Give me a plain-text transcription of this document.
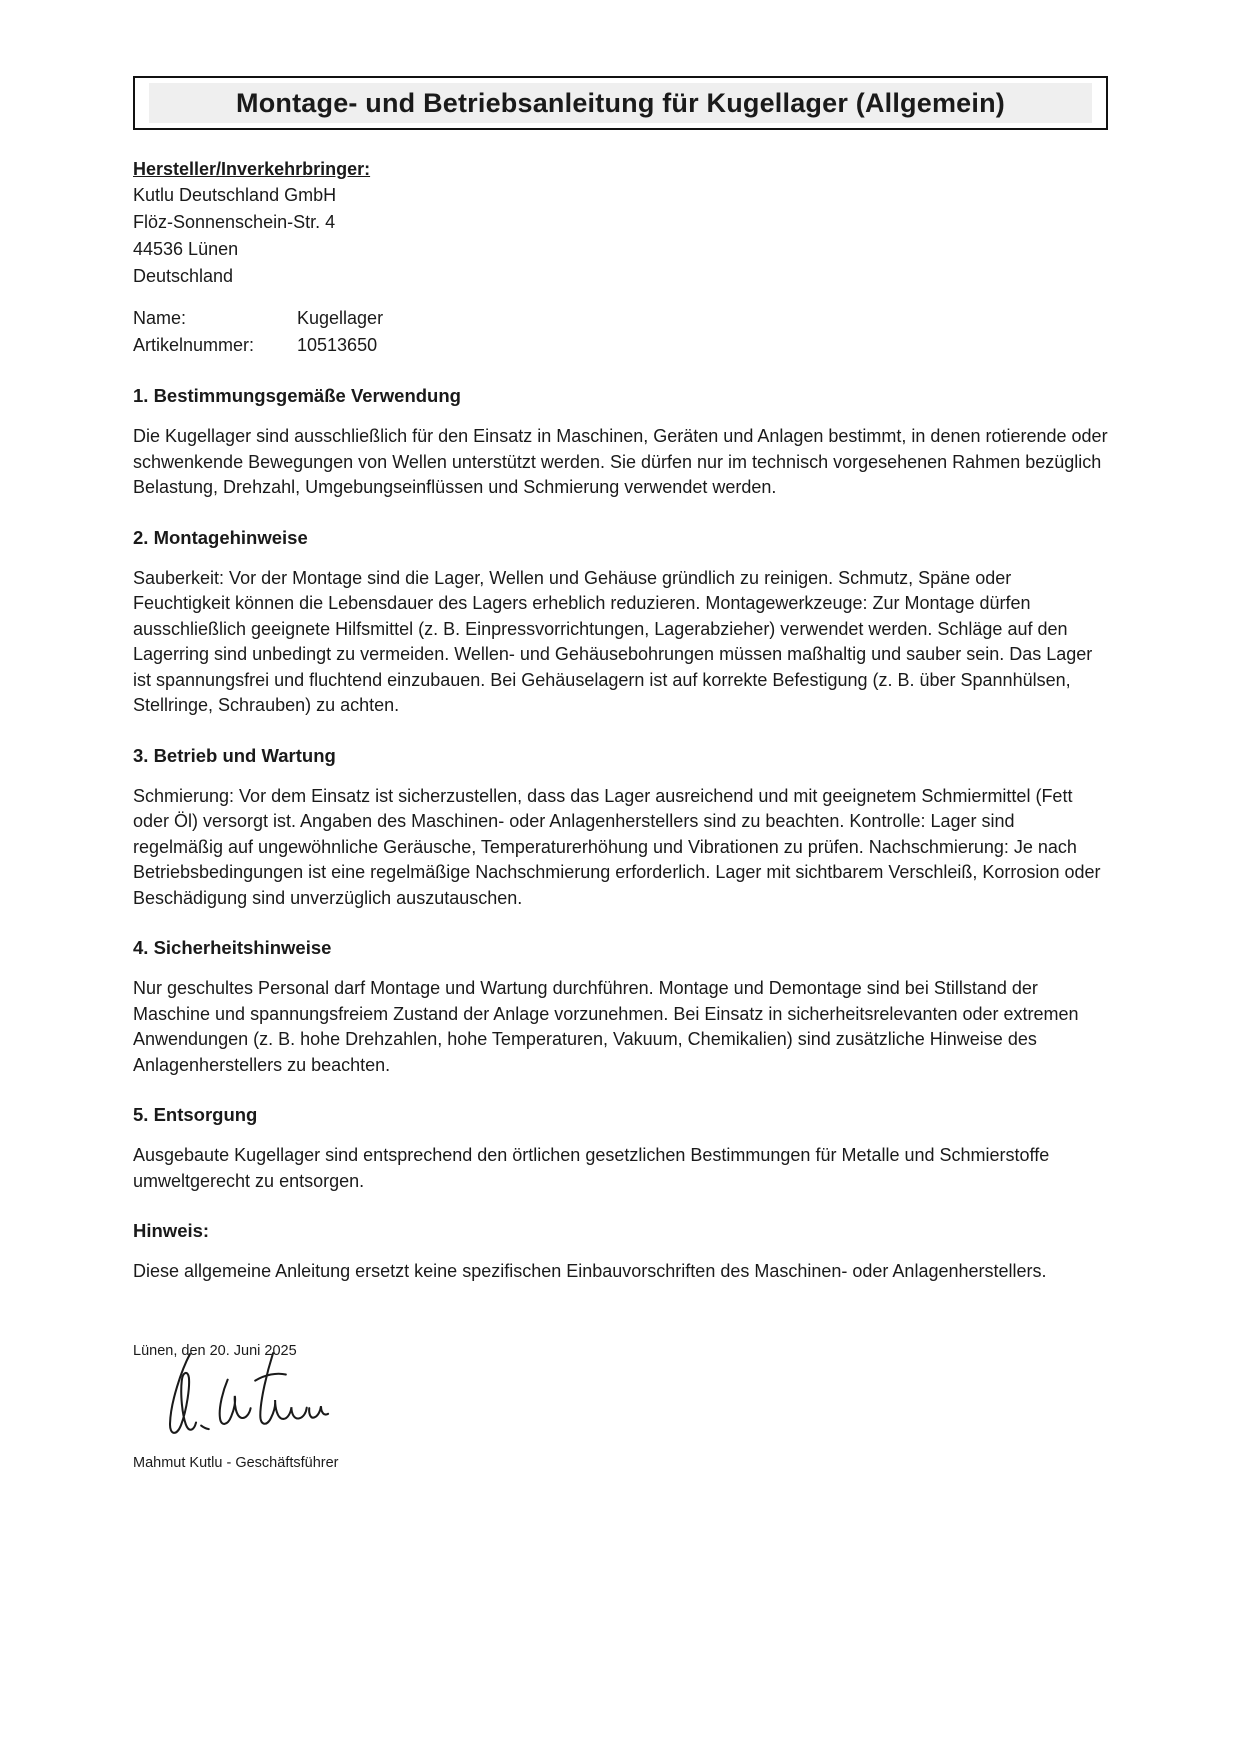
Montage- und Betriebsanleitung für Kugellager (Allgemein)
Hersteller/Inverkehrbringer:
Kutlu Deutschland GmbH
Flöz-Sonnenschein-Str. 4
44536 Lünen
Deutschland
Name:	Kugellager
Artikelnummer:	10513650
1. Bestimmungsgemäße Verwendung

Die Kugellager sind ausschließlich für den Einsatz in Maschinen, Geräten und Anlagen bestimmt, in denen rotierende oder schwenkende Bewegungen von Wellen unterstützt werden. Sie dürfen nur im technisch vorgesehenen Rahmen bezüglich Belastung, Drehzahl, Umgebungseinflüssen und Schmierung verwendet werden.

2. Montagehinweise

Sauberkeit: Vor der Montage sind die Lager, Wellen und Gehäuse gründlich zu reinigen. Schmutz, Späne oder Feuchtigkeit können die Lebensdauer des Lagers erheblich reduzieren. Montagewerkzeuge: Zur Montage dürfen ausschließlich geeignete Hilfsmittel (z. B. Einpressvorrichtungen, Lagerabzieher) verwendet werden. Schläge auf den Lagerring sind unbedingt zu vermeiden. Wellen- und Gehäusebohrungen müssen maßhaltig und sauber sein. Das Lager ist spannungsfrei und fluchtend einzubauen. Bei Gehäuselagern ist auf korrekte Befestigung (z. B. über Spannhülsen, Stellringe, Schrauben) zu achten.

3. Betrieb und Wartung

Schmierung: Vor dem Einsatz ist sicherzustellen, dass das Lager ausreichend und mit geeignetem Schmiermittel (Fett oder Öl) versorgt ist. Angaben des Maschinen- oder Anlagenherstellers sind zu beachten. Kontrolle: Lager sind regelmäßig auf ungewöhnliche Geräusche, Temperaturerhöhung und Vibrationen zu prüfen. Nachschmierung: Je nach Betriebsbedingungen ist eine regelmäßige Nachschmierung erforderlich. Lager mit sichtbarem Verschleiß, Korrosion oder Beschädigung sind unverzüglich auszutauschen.

4. Sicherheitshinweise

Nur geschultes Personal darf Montage und Wartung durchführen. Montage und Demontage sind bei Stillstand der Maschine und spannungsfreiem Zustand der Anlage vorzunehmen. Bei Einsatz in sicherheitsrelevanten oder extremen Anwendungen (z. B. hohe Drehzahlen, hohe Temperaturen, Vakuum, Chemikalien) sind zusätzliche Hinweise des Anlagenherstellers zu beachten.

5. Entsorgung

Ausgebaute Kugellager sind entsprechend den örtlichen gesetzlichen Bestimmungen für Metalle und Schmierstoffe umweltgerecht zu entsorgen.

Hinweis:

Diese allgemeine Anleitung ersetzt keine spezifischen Einbauvorschriften des Maschinen- oder Anlagenherstellers.

Lünen, den 20. Juni 2025
Mahmut Kutlu - Geschäftsführer
